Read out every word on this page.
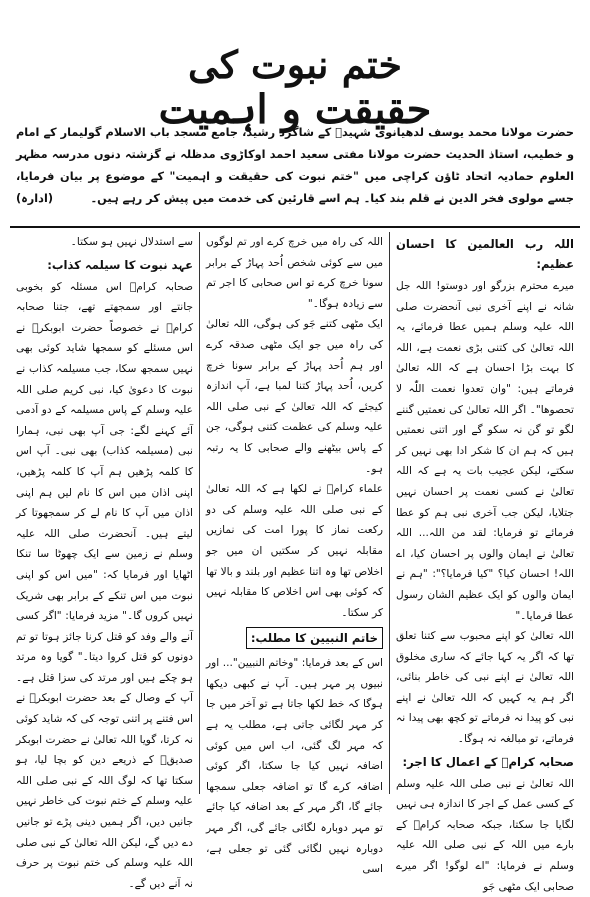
ختم نبوت کی
حقیقت و اہمیت
حضرت مولانا محمد یوسف لدھیانوی شہیدؒ کے شاگرد رشید، جامع مسجد باب الاسلام گولیمار کے امام و خطیب، استاذ الحدیث حضرت مولانا مفتی سعید احمد اوکاڑوی مدظلہ نے گزشتہ دنوں مدرسہ مظہر العلوم حمادیہ اتحاد ٹاؤن کراچی میں "ختم نبوت کی حقیقت و اہمیت" کے موضوع پر بیان فرمایا، جسے مولوی فخر الدین نے قلم بند کیا۔ ہم اسے قارئین کی خدمت میں پیش کر رہے ہیں۔
(ادارہ)
اللہ رب العالمین کا احسان عظیم:

میرے محترم بزرگو اور دوستو! اللہ جل شانہ نے اپنے آخری نبی آنحضرت صلی اللہ علیہ وسلم ہمیں عطا فرمائے، یہ اللہ تعالیٰ کی کتنی بڑی نعمت ہے، اللہ کا بہت بڑا احسان ہے کہ اللہ تعالیٰ فرماتے ہیں: "وان تعدوا نعمت اللّٰہ لا تحصوھا"۔ اگر اللہ تعالیٰ کی نعمتیں گننے لگو تو گن نہ سکو گے اور اتنی نعمتیں ہیں کہ ہم ان کا شکر ادا بھی نہیں کر سکتے، لیکن عجیب بات یہ ہے کہ اللہ تعالیٰ نے کسی نعمت پر احسان نہیں جتلایا، لیکن جب آخری نبی ہم کو عطا فرمائے تو فرمایا: لقد من اللہ... اللہ تعالیٰ نے ایمان والوں پر احسان کیا، اے اللہ! احسان کیا؟ "کیا فرمایا؟": "ہم نے ایمان والوں کو ایک عظیم الشان رسول عطا فرمایا۔"

اللہ تعالیٰ کو اپنے محبوب سے کتنا تعلق تھا کہ اگر یہ کہا جائے کہ ساری مخلوق اللہ تعالیٰ نے اپنے نبی کی خاطر بنائی، اگر ہم یہ کہیں کہ اللہ تعالیٰ نے اپنے نبی کو پیدا نہ فرماتے تو کچھ بھی پیدا نہ فرماتے، تو مبالغہ نہ ہوگا۔

صحابہ کرامؓ کے اعمال کا اجر:

اللہ تعالیٰ نے نبی صلی اللہ علیہ وسلم کے کسی عمل کے اجر کا اندازہ ہی نہیں لگایا جا سکتا، جبکہ صحابہ کرامؓ کے بارے میں اللہ کے نبی صلی اللہ علیہ وسلم نے فرمایا: "اے لوگو! اگر میرے صحابی ایک مٹھی جَو

اللہ کی راہ میں خرچ کرے اور تم لوگوں میں سے کوئی شخص اُحد پہاڑ کے برابر سونا خرچ کرے تو اس صحابی کا اجر تم سے زیادہ ہوگا۔"

ایک مٹھی کتنے جَو کی ہوگی، اللہ تعالیٰ کی راہ میں جو ایک مٹھی صدقہ کرے اور ہم اُحد پہاڑ کے برابر سونا خرچ کریں، اُحد پہاڑ کتنا لمبا ہے، آپ اندازہ کیجئے کہ اللہ تعالیٰ کے نبی صلی اللہ علیہ وسلم کی عظمت کتنی ہوگی، جن کے پاس بیٹھنے والے صحابی کا یہ رتبہ ہو۔

علماء کرامؒ نے لکھا ہے کہ اللہ تعالیٰ کے نبی صلی اللہ علیہ وسلم کی دو رکعت نماز کا پورا امت کی نمازیں مقابلہ نہیں کر سکتیں ان میں جو اخلاص تھا وہ اتنا عظیم اور بلند و بالا تھا کہ کوئی بھی اس اخلاص کا مقابلہ نہیں کر سکتا۔

خاتم النبیین کا مطلب:

اس کے بعد فرمایا: "وخاتم النبیین"... اور نبیوں پر مہر ہیں۔ آپ نے کبھی دیکھا ہوگا کہ خط لکھا جاتا ہے تو آخر میں جا کر مہر لگائی جاتی ہے، مطلب یہ ہے کہ مہر لگ گئی، اب اس میں کوئی اضافہ نہیں کیا جا سکتا، اگر کوئی اضافہ کرے گا تو اضافہ جعلی سمجھا جائے گا، اگر مہر کے بعد اضافہ کیا جائے تو مہر دوبارہ لگائی جائے گی، اگر مہر دوبارہ نہیں لگائی گئی تو جعلی ہے، اسی

سے استدلال نہیں ہو سکتا۔

عہد نبوت کا سیلمہ کذاب:

صحابہ کرامؓ اس مسئلہ کو بخوبی جانتے اور سمجھتے تھے، جتنا صحابہ کرامؓ نے خصوصاً حضرت ابوبکرؓ نے اس مسئلے کو سمجھا شاید کوئی بھی نہیں سمجھ سکا، جب مسیلمہ کذاب نے نبوت کا دعویٰ کیا، نبی کریم صلی اللہ علیہ وسلم کے پاس مسیلمہ کے دو آدمی آئے کہنے لگے: جی آپ بھی نبی، ہمارا نبی (مسیلمہ کذاب) بھی نبی۔ آپ اس کا کلمہ پڑھیں ہم آپ کا کلمہ پڑھیں، اپنی اذان میں اس کا نام لیں ہم اپنی اذان میں آپ کا نام لے کر سمجھوتا کر لیتے ہیں۔ آنحضرت صلی اللہ علیہ وسلم نے زمین سے ایک چھوٹا سا تنکا اٹھایا اور فرمایا کہ: "میں اس کو اپنی نبوت میں اس تنکے کے برابر بھی شریک نہیں کروں گا۔" مزید فرمایا: "اگر کسی آنے والے وفد کو قتل کرنا جائز ہوتا تو تم دونوں کو قتل کروا دیتا۔" گویا وہ مرتد ہو چکے ہیں اور مرتد کی سزا قتل ہے۔ آپ کے وصال کے بعد حضرت ابوبکرؓ نے اس فتنے پر اتنی توجہ کی کہ شاید کوئی نہ کرتا، گویا اللہ تعالیٰ نے حضرت ابوبکر صدیقؓ کے ذریعے دین کو بچا لیا، ہو سکتا تھا کہ لوگ اللہ کے نبی صلی اللہ علیہ وسلم کے ختم نبوت کی خاطر نہیں جانیں دیں، اگر ہمیں دینی پڑے تو جانیں دے دیں گے، لیکن اللہ تعالیٰ کے نبی صلی اللہ علیہ وسلم کی ختم نبوت پر حرف نہ آنے دیں گے۔
